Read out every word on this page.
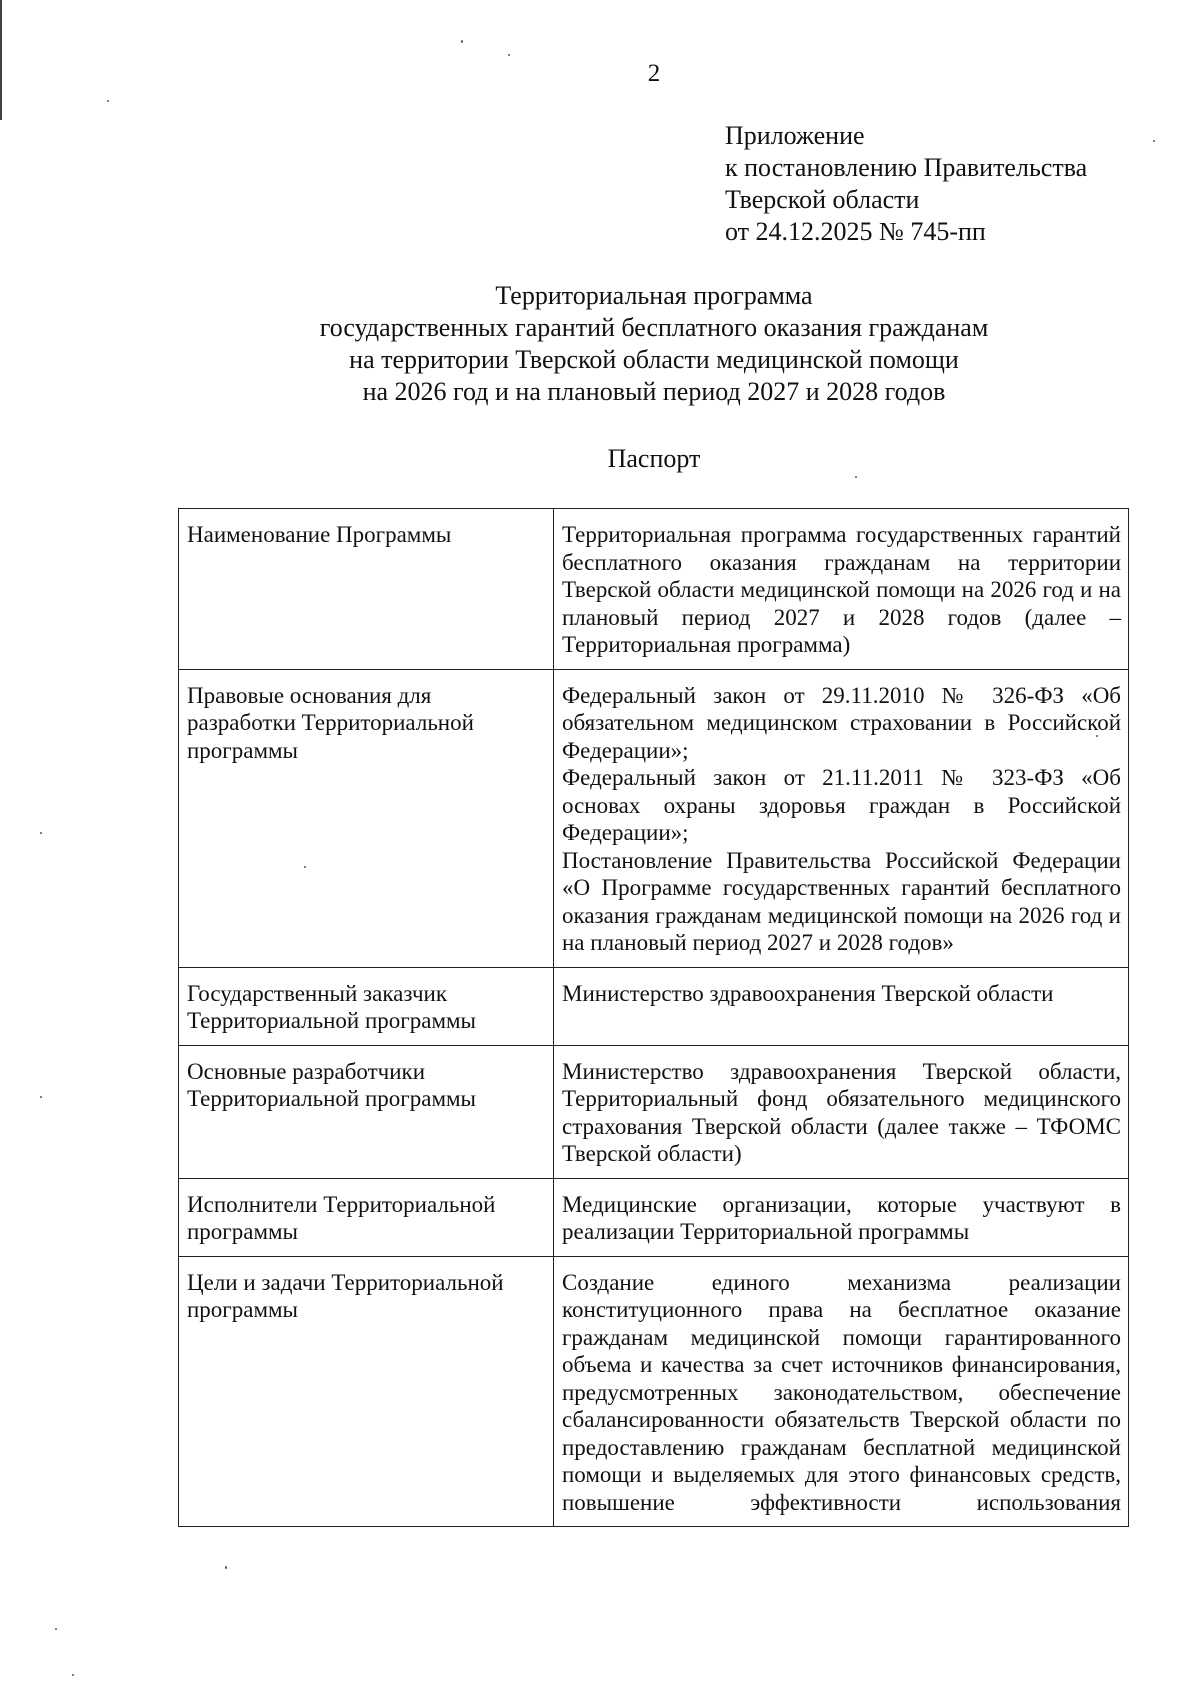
2
Приложение
к постановлению Правительства
Тверской области
от 24.12.2025 № 745-пп
Территориальная программа
государственных гарантий бесплатного оказания гражданам
на территории Тверской области медицинской помощи
на 2026 год и на плановый период 2027 и 2028 годов
Паспорт
Наименование Программы	Территориальная программа государственных гарантий бесплатного оказания гражданам на территории Тверской области медицинской помощи на 2026 год и на плановый период 2027 и 2028 годов (далее – Территориальная программа)

Правовые основания для разработки Территориальной программы	Федеральный закон от 29.11.2010 № 326-ФЗ «Об обязательном медицинском страховании в Российской Федерации»;
Федеральный закон от 21.11.2011 № 323-ФЗ «Об основах охраны здоровья граждан в Российской Федерации»;
Постановление Правительства Российской Федерации «О Программе государственных гарантий бесплатного оказания гражданам медицинской помощи на 2026 год и на плановый период 2027 и 2028 годов»

Государственный заказчик Территориальной программы	Министерство здравоохранения Тверской области

Основные разработчики Территориальной программы	Министерство здравоохранения Тверской области, Территориальный фонд обязательного медицинского страхования Тверской области (далее также – ТФОМС Тверской области)

Исполнители Территориальной программы	Медицинские организации, которые участвуют в реализации Территориальной программы

Цели и задачи Территориальной программы	Создание единого механизма реализации конституционного права на бесплатное оказание гражданам медицинской помощи гарантированного объема и качества за счет источников финансирования, предусмотренных законодательством, обеспечение сбалансированности обязательств Тверской области по предоставлению гражданам бесплатной медицинской помощи и выделяемых для этого финансовых средств, повышение эффективности использования
